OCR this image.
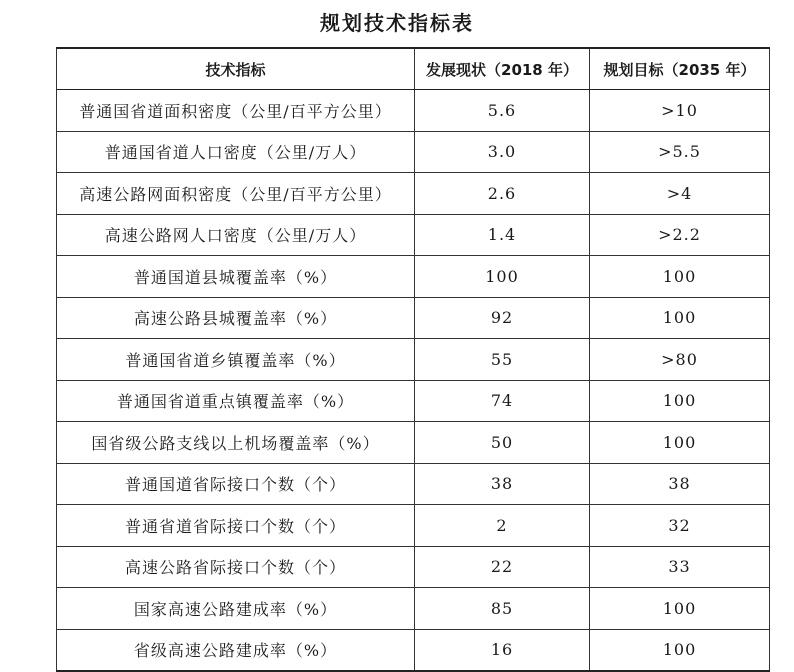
规划技术指标表
技术指标	发展现状（2018 年）	规划目标（2035 年）
普通国省道面积密度（公里/百平方公里）	5.6	>10
普通国省道人口密度（公里/万人）	3.0	>5.5
高速公路网面积密度（公里/百平方公里）	2.6	>4
高速公路网人口密度（公里/万人）	1.4	>2.2
普通国道县城覆盖率（%）	100	100
高速公路县城覆盖率（%）	92	100
普通国省道乡镇覆盖率（%）	55	>80
普通国省道重点镇覆盖率（%）	74	100
国省级公路支线以上机场覆盖率（%）	50	100
普通国道省际接口个数（个）	38	38
普通省道省际接口个数（个）	2	32
高速公路省际接口个数（个）	22	33
国家高速公路建成率（%）	85	100
省级高速公路建成率（%）	16	100
